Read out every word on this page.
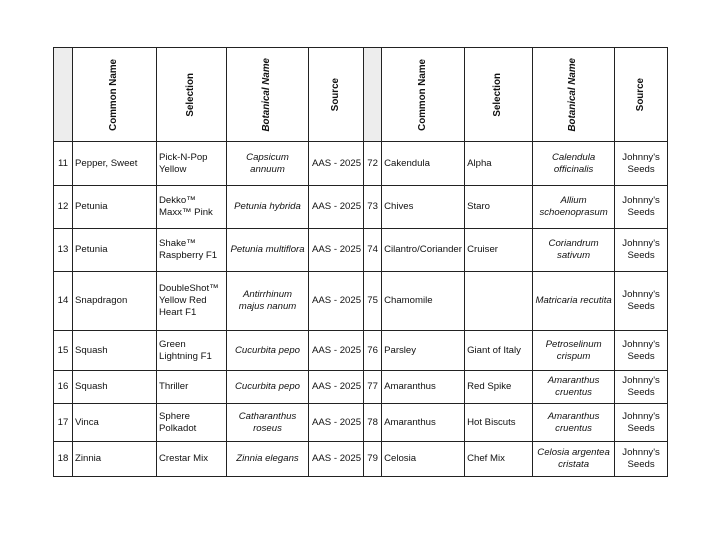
	Common Name	Selection	Botanical Name	Source		Common Name	Selection	Botanical Name	Source

11	Pepper, Sweet	Pick-N-Pop Yellow	Capsicum annuum	AAS - 2025	72	Cakendula	Alpha	Calendula officinalis	Johnny's Seeds
12	Petunia	Dekko™ Maxx™ Pink	Petunia hybrida	AAS - 2025	73	Chives	Staro	Allium schoenoprasum	Johnny's Seeds
13	Petunia	Shake™ Raspberry F1	Petunia multiflora	AAS - 2025	74	Cilantro/Coriander	Cruiser	Coriandrum sativum	Johnny's Seeds
14	Snapdragon	DoubleShot™ Yellow Red Heart F1	Antirrhinum majus nanum	AAS - 2025	75	Chamomile		Matricaria recutita	Johnny's Seeds
15	Squash	Green Lightning F1	Cucurbita pepo	AAS - 2025	76	Parsley	Giant of Italy	Petroselinum crispum	Johnny's Seeds
16	Squash	Thriller	Cucurbita pepo	AAS - 2025	77	Amaranthus	Red Spike	Amaranthus cruentus	Johnny's Seeds
17	Vinca	Sphere Polkadot	Catharanthus roseus	AAS - 2025	78	Amaranthus	Hot Biscuts	Amaranthus cruentus	Johnny's Seeds
18	Zinnia	Crestar Mix	Zinnia elegans	AAS - 2025	79	Celosia	Chef Mix	Celosia argentea cristata	Johnny's Seeds
